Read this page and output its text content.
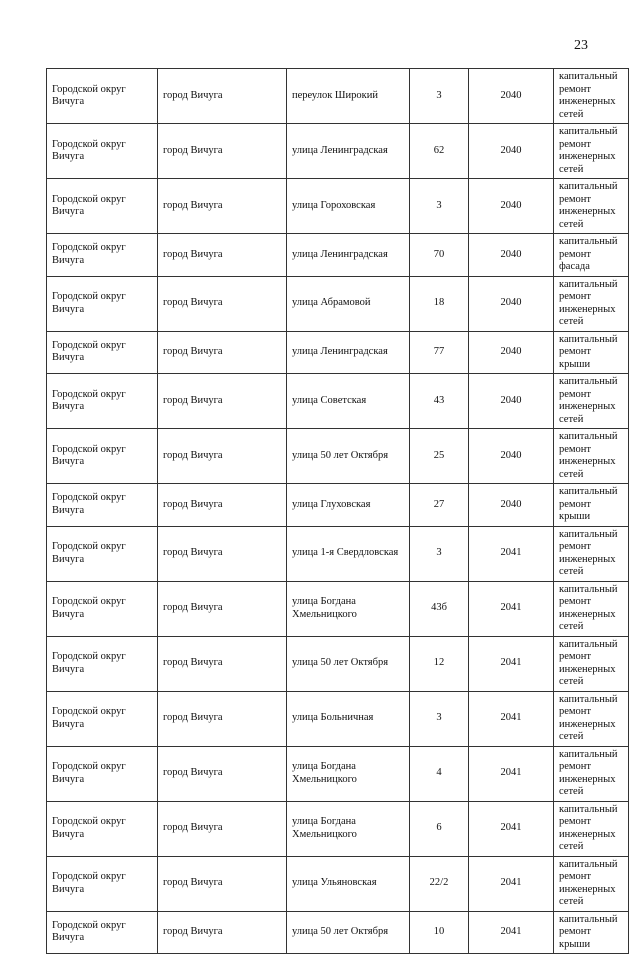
23
Городской округ Вичуга	город Вичуга	переулок Широкий	3	2040	капитальный ремонт инженерных сетей
Городской округ Вичуга	город Вичуга	улица Ленинградская	62	2040	капитальный ремонт инженерных сетей
Городской округ Вичуга	город Вичуга	улица Гороховская	3	2040	капитальный ремонт инженерных сетей
Городской округ Вичуга	город Вичуга	улица Ленинградская	70	2040	капитальный ремонт фасада
Городской округ Вичуга	город Вичуга	улица Абрамовой	18	2040	капитальный ремонт инженерных сетей
Городской округ Вичуга	город Вичуга	улица Ленинградская	77	2040	капитальный ремонт крыши
Городской округ Вичуга	город Вичуга	улица Советская	43	2040	капитальный ремонт инженерных сетей
Городской округ Вичуга	город Вичуга	улица 50 лет Октября	25	2040	капитальный ремонт инженерных сетей
Городской округ Вичуга	город Вичуга	улица Глуховская	27	2040	капитальный ремонт крыши
Городской округ Вичуга	город Вичуга	улица 1-я Свердловская	3	2041	капитальный ремонт инженерных сетей
Городской округ Вичуга	город Вичуга	улица Богдана Хмельницкого	43б	2041	капитальный ремонт инженерных сетей
Городской округ Вичуга	город Вичуга	улица 50 лет Октября	12	2041	капитальный ремонт инженерных сетей
Городской округ Вичуга	город Вичуга	улица Больничная	3	2041	капитальный ремонт инженерных сетей
Городской округ Вичуга	город Вичуга	улица Богдана Хмельницкого	4	2041	капитальный ремонт инженерных сетей
Городской округ Вичуга	город Вичуга	улица Богдана Хмельницкого	6	2041	капитальный ремонт инженерных сетей
Городской округ Вичуга	город Вичуга	улица Ульяновская	22/2	2041	капитальный ремонт инженерных сетей
Городской округ Вичуга	город Вичуга	улица 50 лет Октября	10	2041	капитальный ремонт крыши
